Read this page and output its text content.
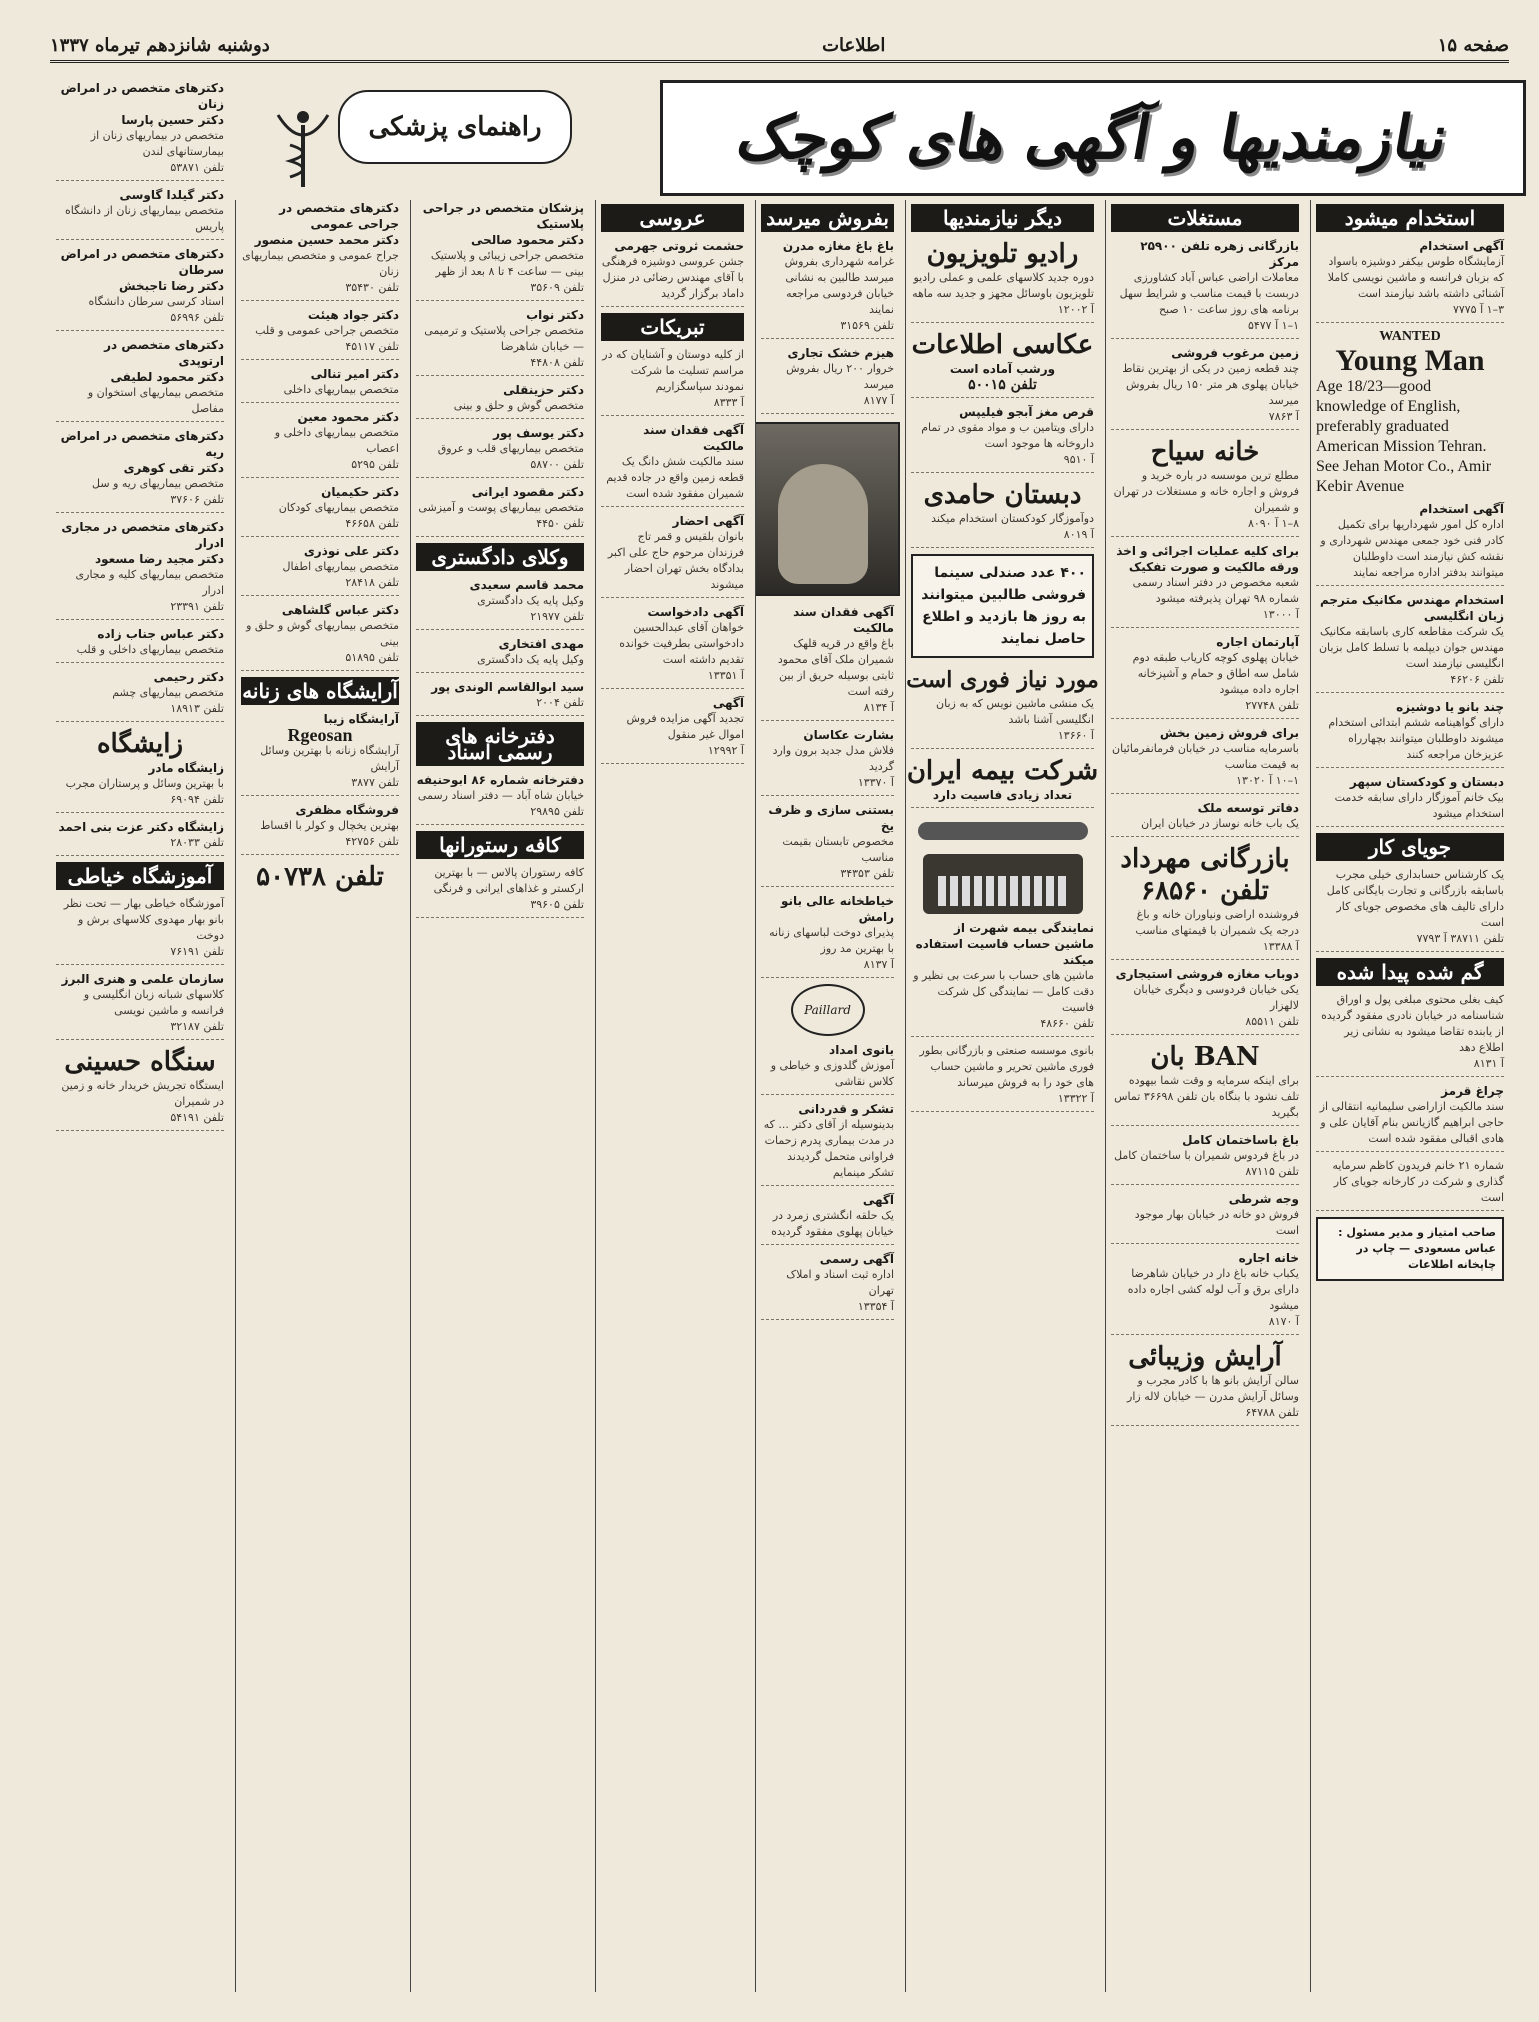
صفحه ۱۵
اطلاعات
دوشنبه شانزدهم تیرماه ۱۳۳۷
راهنمای پزشکی	نیازمندیها و آگهی های کوچک
استخدام میشود
آگهی استخدام
آزمایشگاه طوس بیکفر دوشیزه باسواد که بزبان فرانسه و ماشین نویسی کاملا آشنائی داشته باشد نیازمند است
۳–۱ آ ۷۷۷۵
WANTED
Young Man
Age 18/23—good knowledge of English, preferably graduated American Mission Tehran. See Jehan Motor Co., Amir Kebir Avenue
آگهی استخدام
اداره کل امور شهرداریها برای تکمیل کادر فنی خود جمعی مهندس شهرداری و نقشه کش نیازمند است داوطلبان میتوانند بدفتر اداره مراجعه نمایند
استخدام مهندس مکانیک مترجم زبان انگلیسی
یک شرکت مقاطعه کاری باسابقه مکانیک مهندس جوان دیپلمه با تسلط کامل بزبان انگلیسی نیازمند است
تلفن ۴۶۲۰۶
چند بانو یا دوشیزه
دارای گواهینامه ششم ابتدائی استخدام میشوند داوطلبان میتوانند بچهارراه عزیزخان مراجعه کنند
دبستان و کودکستان سپهر
بیک خانم آموزگار دارای سابقه خدمت استخدام میشود
جویای کار
یک کارشناس حسابداری خیلی مجرب باسابقه بازرگانی و تجارت بایگانی کامل دارای تالیف های مخصوص جویای کار است
تلفن ۳۸۷۱۱ آ ۷۷۹۳
گم شده پیدا شده
کیف بغلی محتوی مبلغی پول و اوراق شناسنامه در خیابان نادری مفقود گردیده از یابنده تقاضا میشود به نشانی زیر اطلاع دهد
آ ۸۱۳۱
چراغ قرمز
سند مالکیت ازاراضی سلیمانیه انتقالی از حاجی ابراهیم گازیانس بنام آقایان علی و هادی اقبالی مفقود شده است
شماره ۲۱ خانم فریدون کاظم سرمایه گذاری و شرکت در کارخانه جویای کار است
صاحب امتیاز و مدیر مسئول : عباس مسعودی — چاپ در چاپخانه اطلاعات
مستغلات
بازرگانی زهره تلفن ۲۵۹۰۰ مرکز
معاملات اراضی عباس آباد کشاورزی دربست با قیمت مناسب و شرایط سهل برنامه های روز ساعت ۱۰ صبح
۱–۱ آ ۵۴۷۷
زمین مرغوب فروشی
چند قطعه زمین در یکی از بهترین نقاط خیابان پهلوی هر متر ۱۵۰ ریال بفروش میرسد
آ ۷۸۶۳
خانه سیاح
مطلع ترین موسسه در باره خرید و فروش و اجاره خانه و مستغلات در تهران و شمیران
۸–۱ آ ۸۰۹۰
برای کلیه عملیات اجرائی و اخذ ورقه مالکیت و صورت تفکیک
شعبه مخصوص در دفتر اسناد رسمی شماره ۹۸ تهران پذیرفته میشود
آ ۱۳۰۰۰
آپارتمان اجاره
خیابان پهلوی کوچه کاریاب طبقه دوم شامل سه اطاق و حمام و آشپزخانه اجاره داده میشود
تلفن ۲۷۷۴۸
برای فروش زمین بخش
باسرمایه مناسب در خیابان فرمانفرمائیان به قیمت مناسب
۱–۱۰ آ ۱۳۰۲۰
دفاتر توسعه ملک
یک باب خانه نوساز در خیابان ایران
بازرگانی مهرداد
تلفن ۶۸۵۶۰
فروشنده اراضی ونیاوران خانه و باغ درجه یک شمیران با قیمتهای مناسب
آ ۱۳۳۸۸
دوباب مغازه فروشی استیجاری
یکی خیابان فردوسی و دیگری خیابان لالهزار
تلفن ۸۵۵۱۱
BAN بان
برای اینکه سرمایه و وقت شما بیهوده تلف نشود با بنگاه بان تلفن ۳۶۶۹۸ تماس بگیرید
باغ باساختمان کامل
در باغ فردوس شمیران با ساختمان کامل
تلفن ۸۷۱۱۵
وجه شرطی
فروش دو خانه در خیابان بهار موجود است
خانه اجاره
یکباب خانه باغ دار در خیابان شاهرضا دارای برق و آب لوله کشی اجاره داده میشود
آ ۸۱۷۰
آرایش وزیبائی
سالن آرایش بانو ها با کادر مجرب و وسائل آرایش مدرن — خیابان لاله زار
تلفن ۶۴۷۸۸
دیگر نیازمندیها
رادیو تلویزیون
دوره جدید کلاسهای علمی و عملی رادیو تلویزیون باوسائل مجهز و جدید سه ماهه
آ ۱۲۰۰۲
عکاسی اطلاعات
ورشب آماده است
تلفن ۵۰۰۱۵
قرص مغز آبجو فیلیپس
دارای ویتامین ب و مواد مقوی در تمام داروخانه ها موجود است
آ ۹۵۱۰
دبستان حامدی
دوآموزگار کودکستان استخدام میکند
آ ۸۰۱۹
۴۰۰ عدد صندلی سینما فروشی طالبین میتوانند به روز ها بازدید و اطلاع حاصل نمایند
مورد نیاز فوری است
یک منشی ماشین نویس که به زبان انگلیسی آشنا باشد
آ ۱۳۶۶۰
شرکت بیمه ایران
تعداد زیادی فاسیت دارد
نمایندگی بیمه شهرت از ماشین حساب فاسیت استفاده میکند
ماشین های حساب با سرعت بی نظیر و دقت کامل — نمایندگی کل شرکت فاسیت
تلفن ۴۸۶۶۰
بانوی موسسه صنعتی و بازرگانی بطور فوری ماشین تحریر و ماشین حساب های خود را به فروش میرساند
آ ۱۳۳۲۲
بفروش میرسد
باغ باغ مغازه مدرن
غرامه شهرداری بفروش میرسد طالبین به نشانی خیابان فردوسی مراجعه نمایند
تلفن ۳۱۵۶۹
هیزم خشک تجاری
خروار ۲۰۰ ریال بفروش میرسد
آ ۸۱۷۷
آگهی فقدان سند مالکیت
باغ واقع در قریه قلهک شمیران ملک آقای محمود ثابتی بوسیله حریق از بین رفته است
آ ۸۱۳۴
بشارت عکاسان
فلاش مدل جدید برون وارد گردید
آ ۱۳۳۷۰
بستنی سازی و ظرف یخ
مخصوص تابستان بقیمت مناسب
تلفن ۳۴۳۵۳
خیاطخانه عالی بانو رامش
پذیرای دوخت لباسهای زنانه با بهترین مد روز
آ ۸۱۳۷
Paillard
بانوی امداد
آموزش گلدوزی و خیاطی و کلاس نقاشی
تشکر و قدردانی
بدینوسیله از آقای دکتر ... که در مدت بیماری پدرم زحمات فراوانی متحمل گردیدند تشکر مینمایم
آگهی
یک حلقه انگشتری زمرد در خیابان پهلوی مفقود گردیده
آگهی رسمی
اداره ثبت اسناد و املاک تهران
آ ۱۳۳۵۴
عروسی
حشمت ثروتی جهرمی
جشن عروسی دوشیزه فرهنگی با آقای مهندس رضائی در منزل داماد برگزار گردید
تبریکات
از کلیه دوستان و آشنایان که در مراسم تسلیت ما شرکت نمودند سپاسگزاریم
آ ۸۳۳۳
آگهی فقدان سند مالکیت
سند مالکیت شش دانگ یک قطعه زمین واقع در جاده قدیم شمیران مفقود شده است
آگهی احضار
بانوان بلقیس و قمر تاج فرزندان مرحوم حاج علی اکبر بدادگاه بخش تهران احضار میشوند
آگهی دادخواست
خواهان آقای عبدالحسین دادخواستی بطرفیت خوانده تقدیم داشته است
آ ۱۳۳۵۱
آگهی
تجدید آگهی مزایده فروش اموال غیر منقول
آ ۱۲۹۹۲
پزشکان متخصص در جراحی پلاستیک
دکتر محمود صالحی
متخصص جراحی زیبائی و پلاستیک بینی — ساعت ۴ تا ۸ بعد از ظهر
تلفن ۳۵۶۰۹
دکتر نواب
متخصص جراحی پلاستیک و ترمیمی — خیابان شاهرضا
تلفن ۴۴۸۰۸
دکتر حزینقلی
متخصص گوش و حلق و بینی
دکتر یوسف پور
متخصص بیماریهای قلب و عروق
تلفن ۵۸۷۰۰
دکتر مقصود ایرانی
متخصص بیماریهای پوست و آمیزشی
تلفن ۴۴۵۰
وکلای دادگستری
محمد قاسم سعیدی
وکیل پایه یک دادگستری
تلفن ۲۱۹۷۷
مهدی افتخاری
وکیل پایه یک دادگستری
سید ابوالقاسم الوندی پور
تلفن ۲۰۰۴
دفترخانه های رسمی اسناد
دفترخانه شماره ۸۶ ابوحنیفه
خیابان شاه آباد — دفتر اسناد رسمی
تلفن ۲۹۸۹۵
کافه رستورانها
کافه رستوران پالاس — با بهترین ارکستر و غذاهای ایرانی و فرنگی
تلفن ۳۹۶۰۵
دکترهای متخصص در جراحی عمومی
دکتر محمد حسین منصور
جراح عمومی و متخصص بیماریهای زنان
تلفن ۳۵۴۳۰
دکتر جواد هیئت
متخصص جراحی عمومی و قلب
تلفن ۴۵۱۱۷
دکتر امیر تنالی
متخصص بیماریهای داخلی
دکتر محمود معین
متخصص بیماریهای داخلی و اعصاب
تلفن ۵۲۹۵
دکتر حکیمیان
متخصص بیماریهای کودکان
تلفن ۴۶۶۵۸
دکتر علی نوذری
متخصص بیماریهای اطفال
تلفن ۲۸۴۱۸
دکتر عباس گلشاهی
متخصص بیماریهای گوش و حلق و بینی
تلفن ۵۱۸۹۵
آرایشگاه های زنانه
آرایشگاه زیبا
Rgeosan
آرایشگاه زنانه با بهترین وسائل آرایش
تلفن ۳۸۷۷
فروشگاه مظفری
بهترین یخچال و کولر با اقساط
تلفن ۴۲۷۵۶
تلفن ۵۰۷۳۸
دکترهای متخصص در امراض زنان
دکتر حسین پارسا
متخصص در بیماریهای زنان از بیمارستانهای لندن
تلفن ۵۳۸۷۱
دکتر گیلدا گاوسی
متخصص بیماریهای زنان از دانشگاه پاریس
دکترهای متخصص در امراض سرطان
دکتر رضا تاجبخش
استاد کرسی سرطان دانشگاه
تلفن ۵۶۹۹۶
دکترهای متخصص در ارتوپدی
دکتر محمود لطیفی
متخصص بیماریهای استخوان و مفاصل
دکترهای متخصص در امراض ریه
دکتر تقی کوهری
متخصص بیماریهای ریه و سل
تلفن ۳۷۶۰۶
دکترهای متخصص در مجاری ادرار
دکتر مجید رضا مسعود
متخصص بیماریهای کلیه و مجاری ادرار
تلفن ۲۳۳۹۱
دکتر عباس جناب زاده
متخصص بیماریهای داخلی و قلب
دکتر رحیمی
متخصص بیماریهای چشم
تلفن ۱۸۹۱۳
زایشگاه
زایشگاه مادر
با بهترین وسائل و پرستاران مجرب
تلفن ۶۹۰۹۴
زایشگاه دکتر عزت بنی احمد
تلفن ۲۸۰۳۳
آموزشگاه خیاطی
آموزشگاه خیاطی بهار — تحت نظر بانو بهار مهدوی کلاسهای برش و دوخت
تلفن ۷۶۱۹۱
سازمان علمی و هنری البرز
کلاسهای شبانه زبان انگلیسی و فرانسه و ماشین نویسی
تلفن ۳۲۱۸۷
سنگاه حسینی
ایستگاه تجریش خریدار خانه و زمین در شمیران
تلفن ۵۴۱۹۱
